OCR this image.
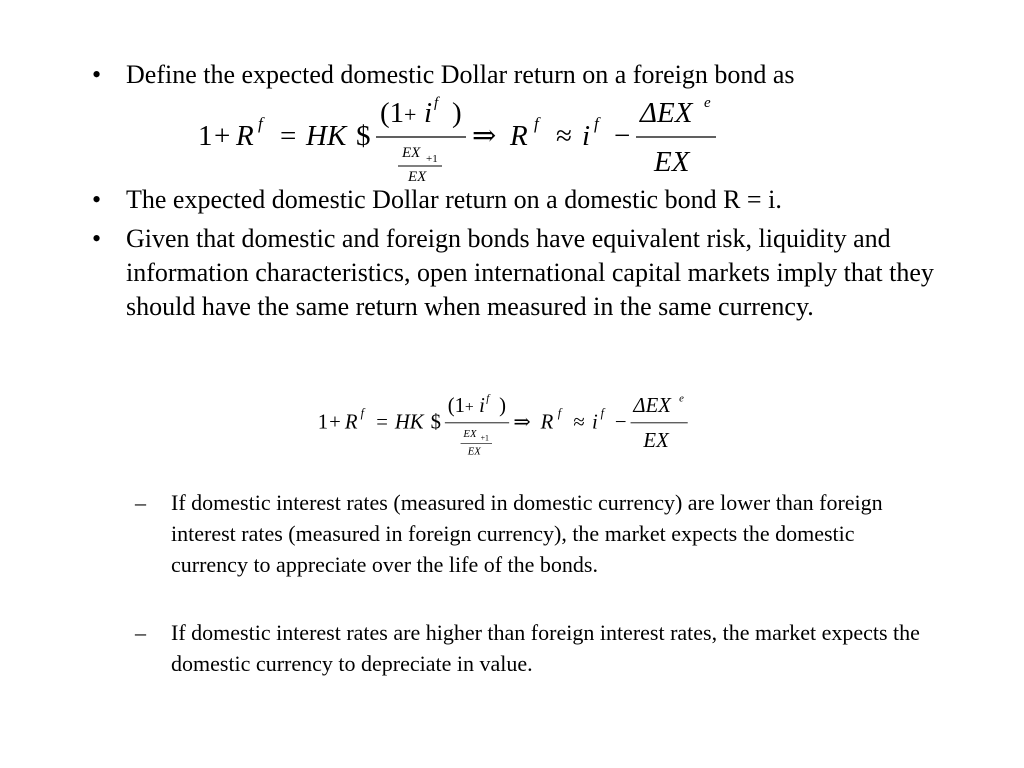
• Define the expected domestic Dollar return on a foreign bond as
1 + R f = HK $
(1 + i f )
EX +1
EX
⇒ R f ≈ i f −
ΔEX e
EX
• The expected domestic Dollar return on a domestic bond R = i.
• Given that domestic and foreign bonds have equivalent risk, liquidity and information characteristics, open international capital markets imply that they should have the same return when measured in the same currency.
1 + R f = HK $
(1 + i f )
EX +1
EX
⇒ R f ≈ i f −
ΔEX e
EX
– If domestic interest rates (measured in domestic currency) are lower than foreign interest rates (measured in foreign currency), the market expects the domestic currency to appreciate over the life of the bonds.
– If domestic interest rates are higher than foreign interest rates, the market expects the domestic currency to depreciate in value.
